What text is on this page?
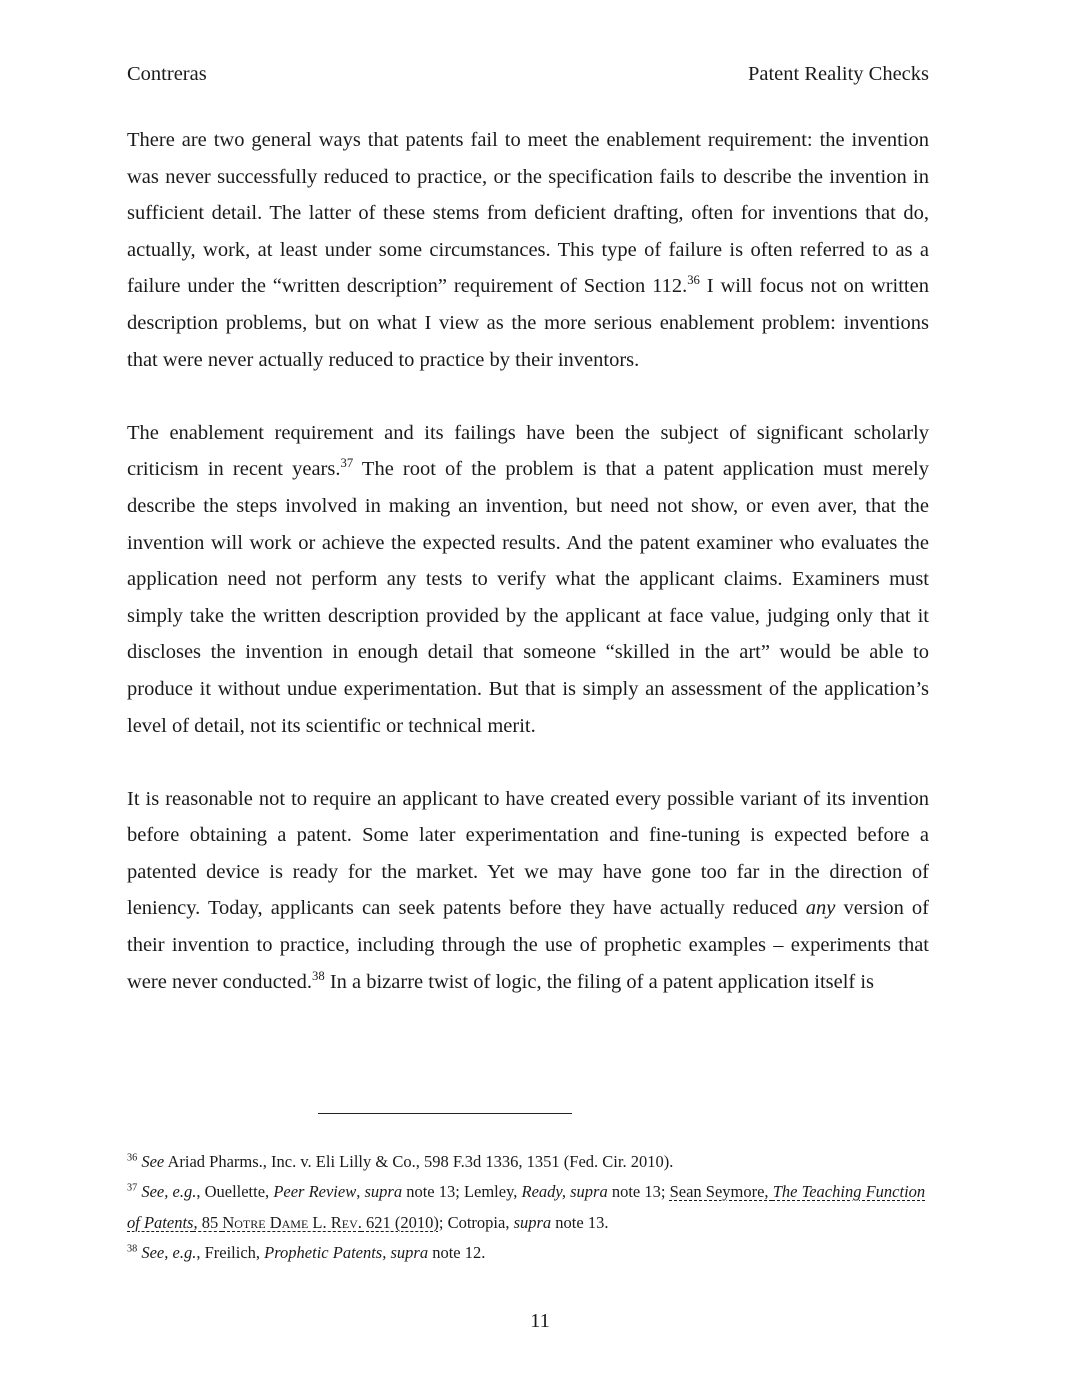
Contreras	Patent Reality Checks

There are two general ways that patents fail to meet the enablement requirement: the invention was never successfully reduced to practice, or the specification fails to describe the invention in sufficient detail. The latter of these stems from deficient drafting, often for inventions that do, actually, work, at least under some circumstances. This type of failure is often referred to as a failure under the “written description” requirement of Section 112.36 I will focus not on written description problems, but on what I view as the more serious enablement problem: inventions that were never actually reduced to practice by their inventors.

The enablement requirement and its failings have been the subject of significant scholarly criticism in recent years.$^{37}$ The root of the problem is that a patent application must merely describe the steps involved in making an invention, but need not show, or even aver, that the invention will work or achieve the expected results. And the patent examiner who evaluates the application need not perform any tests to verify what the applicant claims. Examiners must simply take the written description provided by the applicant at face value, judging only that it discloses the invention in enough detail that someone “skilled in the art” would be able to produce it without undue experimentation. But that is simply an assessment of the application’s level of detail, not its scientific or technical merit.

It is reasonable not to require an applicant to have created every possible variant of its invention before obtaining a patent. Some later experimentation and fine-tuning is expected before a patented device is ready for the market. Yet we may have gone too far in the direction of leniency. Today, applicants can seek patents before they have actually reduced any version of their invention to practice, including through the use of prophetic examples – experiments that were never conducted.$^{38}$ In a bizarre twist of logic, the filing of a patent application itself is

$^{36}$ See Ariad Pharms., Inc. v. Eli Lilly & Co., 598 F.3d 1336, 1351 (Fed. Cir. 2010).

$^{37}$ See, e.g., Ouellette, Peer Review, supra note 13; Lemley, Ready, supra note 13; Sean Seymore, The Teaching Function of Patents, 85 Notre Dame L. Rev. 621 (2010); Cotropia, supra note 13.

$^{38}$ See, e.g., Freilich, Prophetic Patents, supra note 12.

11
